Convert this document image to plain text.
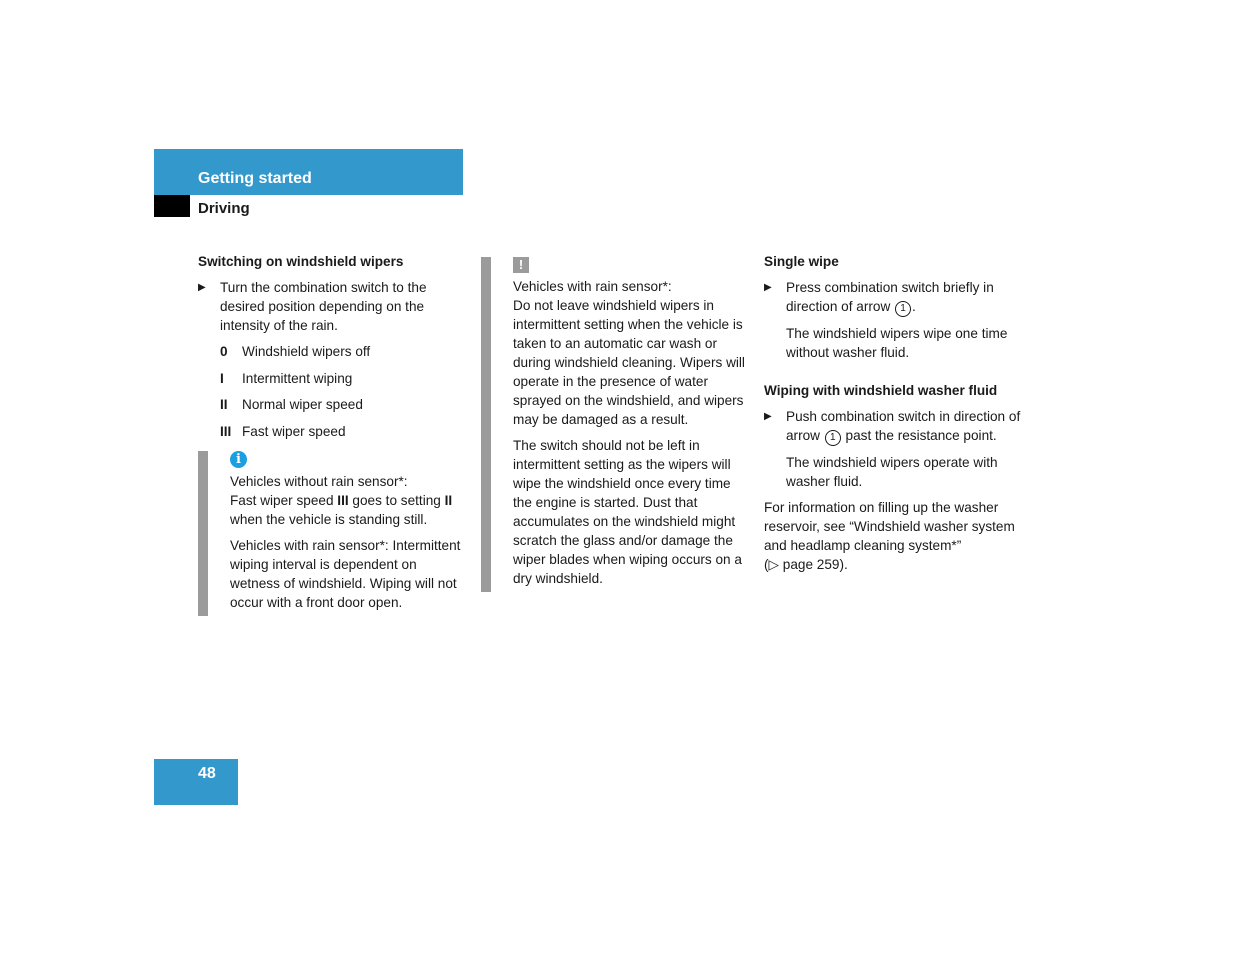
Getting started
Driving
Switching on windshield wipers
▶ Turn the combination switch to the desired position depending on the intensity of the rain.
0 Windshield wipers off
I Intermittent wiping
II Normal wiper speed
III Fast wiper speed
i

Vehicles without rain sensor*:
Fast wiper speed III goes to setting II when the vehicle is standing still.

Vehicles with rain sensor*: Intermittent wiping interval is dependent on wetness of windshield. Wiping will not occur with a front door open.

!

Vehicles with rain sensor*:
Do not leave windshield wipers in intermittent setting when the vehicle is taken to an automatic car wash or during windshield cleaning. Wipers will operate in the presence of water sprayed on the windshield, and wipers may be damaged as a result.

The switch should not be left in intermittent setting as the wipers will wipe the windshield once every time the engine is started. Dust that accumulates on the windshield might scratch the glass and/or damage the wiper blades when wiping occurs on a dry windshield.

Single wipe
▶ Press combination switch briefly in direction of arrow 1 .

The windshield wipers wipe one time without washer fluid.

Wiping with windshield washer fluid
▶ Push combination switch in direction of arrow 1 past the resistance point.

The windshield wipers operate with washer fluid.

For information on filling up the washer reservoir, see “Windshield washer system and headlamp cleaning system*”
(▷ page 259).

48
